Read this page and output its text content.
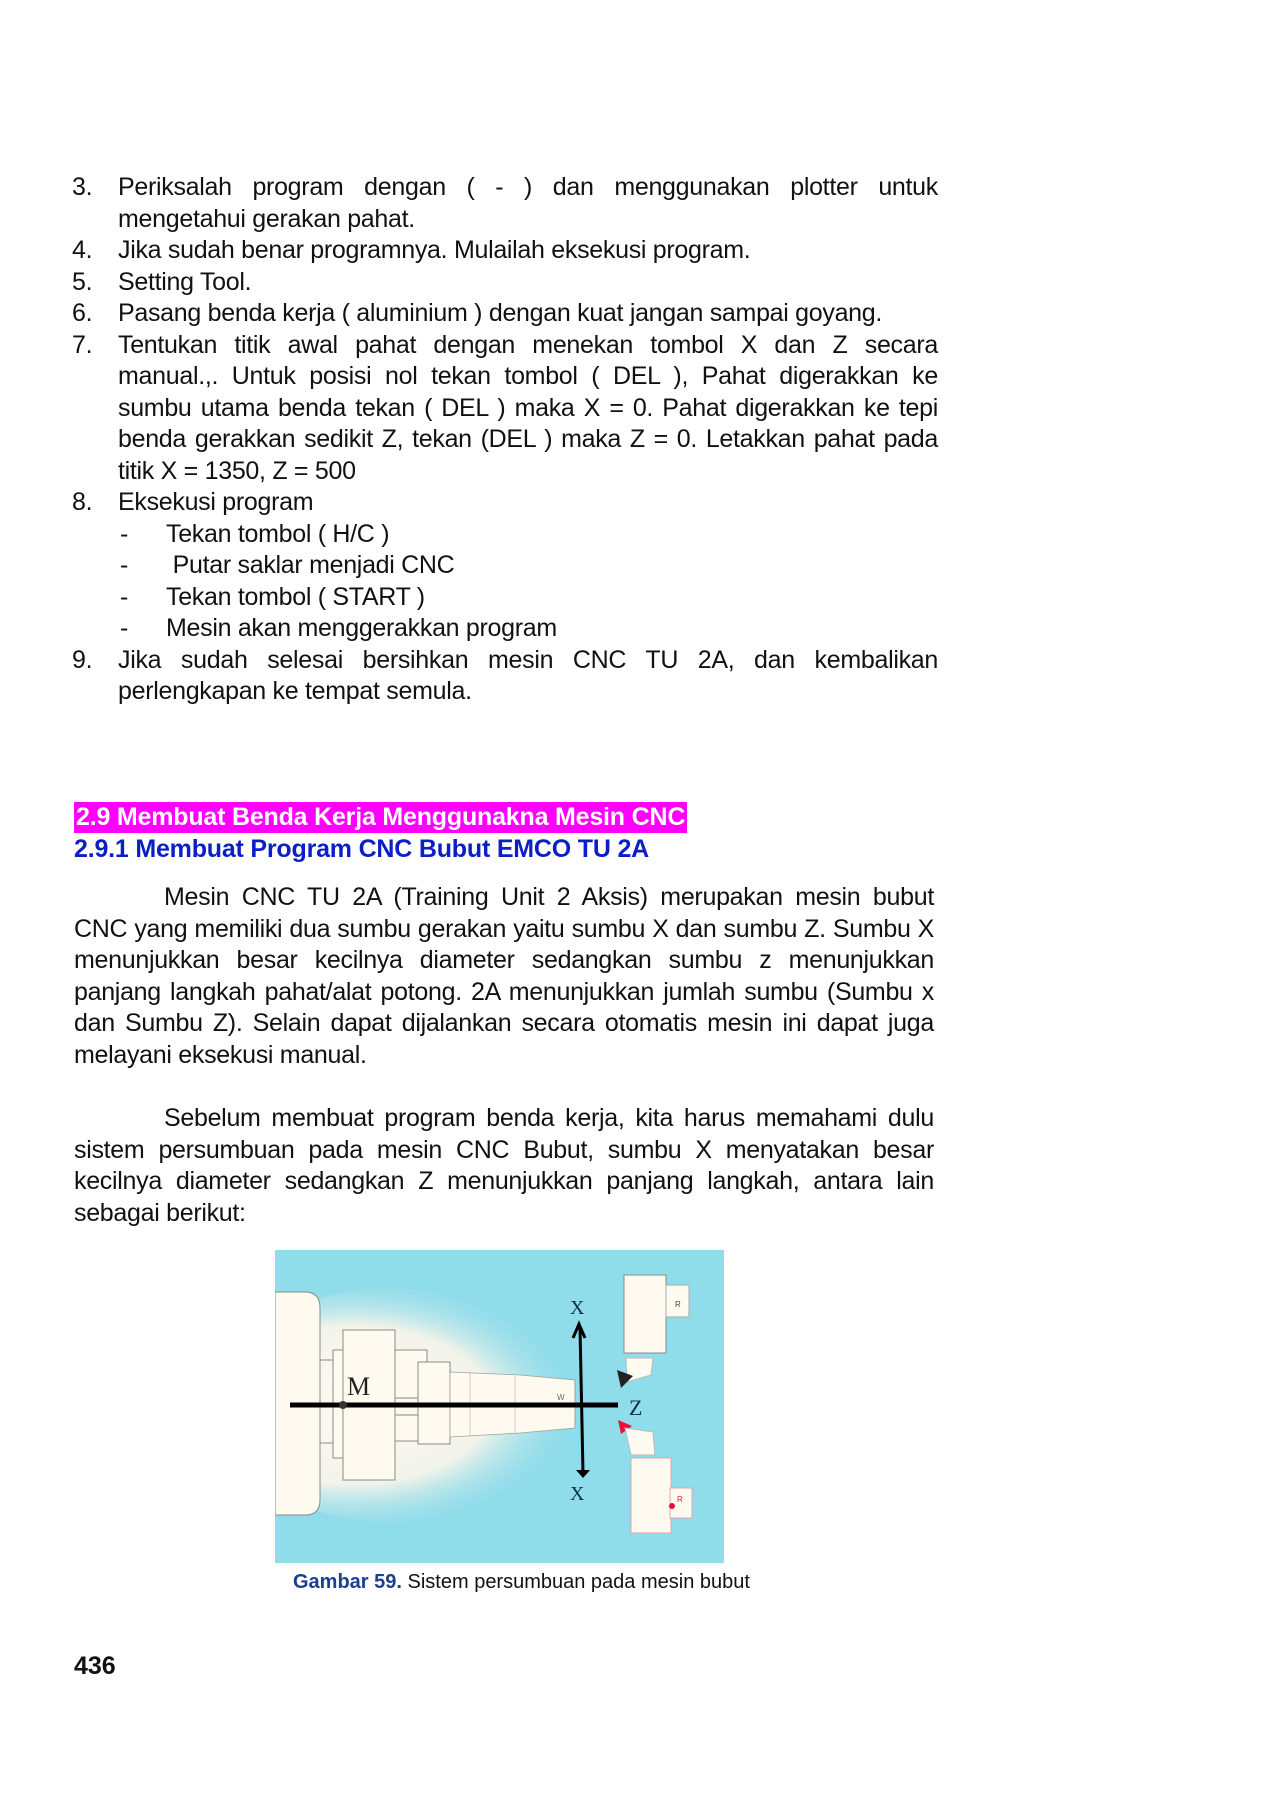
3.	Periksalah program dengan ( - ) dan menggunakan plotter untuk mengetahui gerakan pahat.
4.	Jika sudah benar programnya. Mulailah eksekusi program.
5.	Setting Tool.
6.	Pasang benda kerja ( aluminium ) dengan kuat jangan sampai goyang.
7.	Tentukan titik awal pahat dengan menekan tombol X dan Z secara manual.,. Untuk posisi nol tekan tombol ( DEL ), Pahat digerakkan ke sumbu utama benda tekan ( DEL ) maka X = 0. Pahat digerakkan ke tepi benda gerakkan sedikit Z, tekan (DEL ) maka Z = 0. Letakkan pahat pada titik X = 1350, Z = 500
8.	Eksekusi program
-	Tekan tombol ( H/C )
-	Putar saklar menjadi CNC
-	Tekan tombol ( START )
-	Mesin akan menggerakkan program
9.	Jika sudah selesai bersihkan mesin CNC TU 2A, dan kembalikan perlengkapan ke tempat semula.
2.9 Membuat Benda Kerja Menggunakna Mesin CNC
2.9.1 Membuat Program CNC Bubut EMCO TU 2A
Mesin CNC TU 2A (Training Unit 2 Aksis) merupakan mesin bubut CNC yang memiliki dua sumbu gerakan yaitu sumbu X dan sumbu Z. Sumbu X menunjukkan besar kecilnya diameter sedangkan sumbu z menunjukkan panjang langkah pahat/alat potong. 2A menunjukkan jumlah sumbu (Sumbu x dan Sumbu Z). Selain dapat dijalankan secara otomatis mesin ini dapat juga melayani eksekusi manual.
Sebelum membuat program benda kerja, kita harus memahami dulu sistem persumbuan pada mesin CNC Bubut, sumbu X menyatakan besar kecilnya diameter sedangkan Z menunjukkan panjang langkah, antara lain sebagai berikut:
R
R
M	W
X
X
Z
Gambar 59. Sistem persumbuan pada mesin bubut
436
